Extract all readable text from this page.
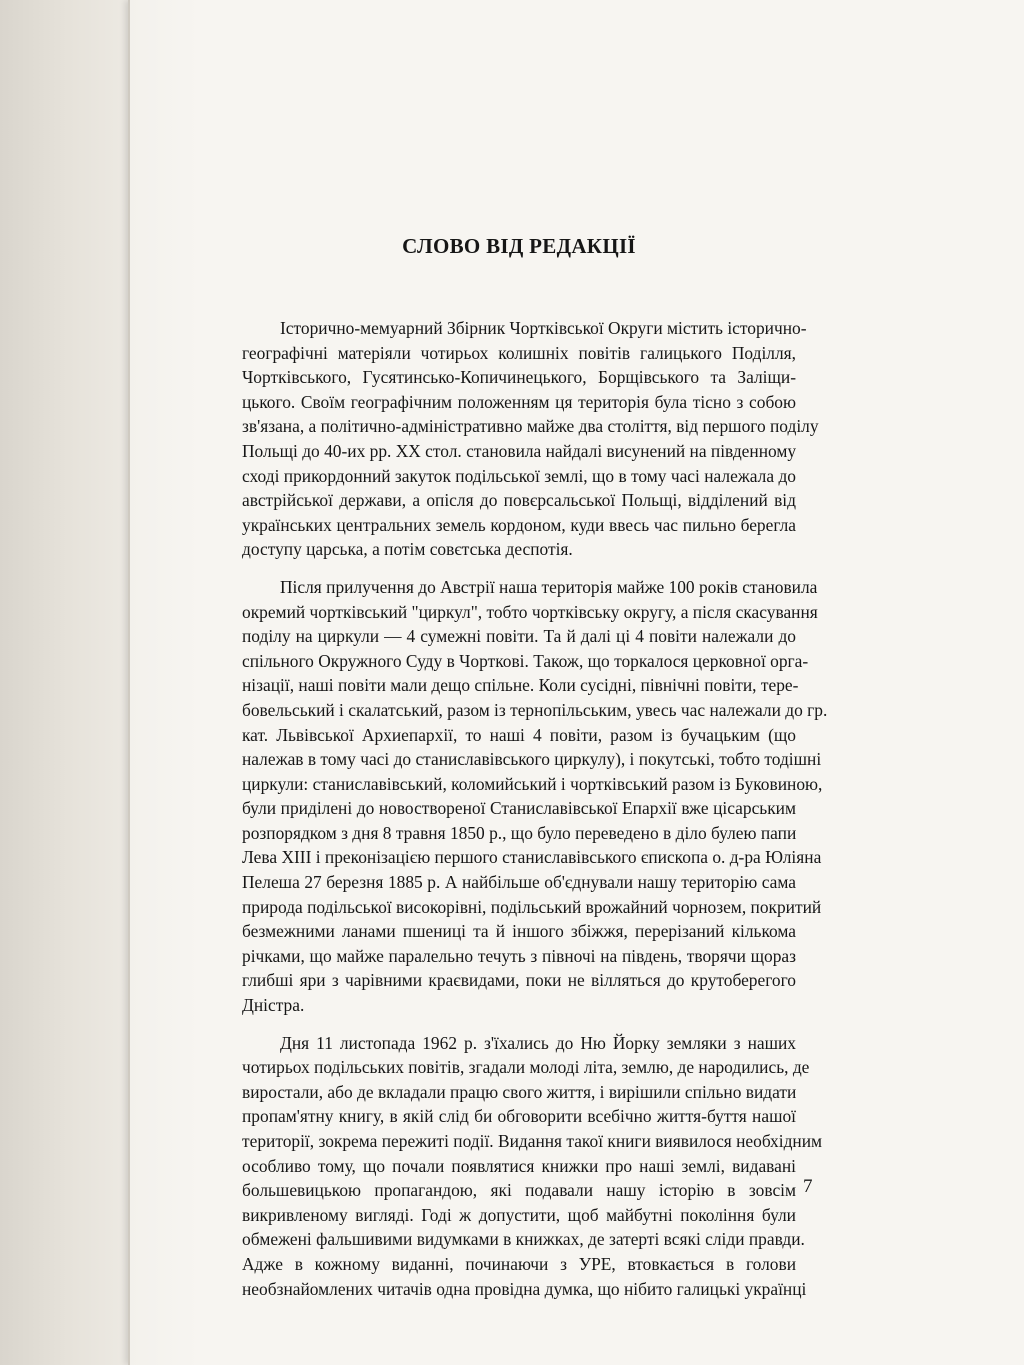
СЛОВО ВІД РЕДАКЦІЇ

Історично-мемуарний Збірник Чортківської Округи містить історично-
географічні матеріяли чотирьох колишніх повітів галицького Поділля,
Чортківського, Гусятинсько-Копичинецького, Борщівського та Заліщи-
цького. Своїм географічним положенням ця територія була тісно з собою
зв'язана, а політично-адміністративно майже два століття, від першого поділу
Польщі до 40-их рр. XX стол. становила найдалі висунений на південному
сході прикордонний закуток подільської землі, що в тому часі належала до
австрійської держави, а опісля до повєрсальської Польщі, відділений від
українських центральних земель кордоном, куди ввесь час пильно берегла
доступу царська, а потім совєтська деспотія.

Після прилучення до Австрії наша територія майже 100 років становила
окремий чортківський "циркул", тобто чортківську округу, а після скасування
поділу на циркули — 4 сумежні повіти. Та й далі ці 4 повіти належали до
спільного Окружного Суду в Чорткові. Також, що торкалося церковної орга-
нізації, наші повіти мали дещо спільне. Коли сусідні, північні повіти, тере-
бовельський і скалатський, разом із тернопільським, увесь час належали до гр.
кат. Львівської Архиепархії, то наші 4 повіти, разом із бучацьким (що
належав в тому часі до станиславівського циркулу), і покутські, тобто тодішні
циркули: станиславівський, коломийський і чортківський разом із Буковиною,
були приділені до новоствореної Станиславівської Епархії вже цісарським
розпорядком з дня 8 травня 1850 р., що було переведено в діло булею папи
Лева XIII і преконізацією першого станиславівського єпископа о. д-ра Юліяна
Пелеша 27 березня 1885 р. А найбільше об'єднували нашу територію сама
природа подільської високорівні, подільський врожайний чорнозем, покритий
безмежними ланами пшениці та й іншого збіжжя, перерізаний кількома
річками, що майже паралельно течуть з півночі на південь, творячи щораз
глибші яри з чарівними краєвидами, поки не вілляться до крутоберегого
Дністра.

Дня 11 листопада 1962 р. з'їхались до Ню Йорку земляки з наших
чотирьох подільських повітів, згадали молоді літа, землю, де народились, де
виростали, або де вкладали працю свого життя, і вирішили спільно видати
пропам'ятну книгу, в якій слід би обговорити всебічно життя-буття нашої
території, зокрема пережиті події. Видання такої книги виявилося необхідним
особливо тому, що почали появлятися книжки про наші землі, видавані
большевицькою пропагандою, які подавали нашу історію в зовсім
викривленому вигляді. Годі ж допустити, щоб майбутні покоління були
обмежені фальшивими видумками в книжках, де затерті всякі сліди правди.
Адже в кожному виданні, починаючи з УРЕ, втовкається в голови
необзнайомлених читачів одна провідна думка, що нібито галицькі українці

7
